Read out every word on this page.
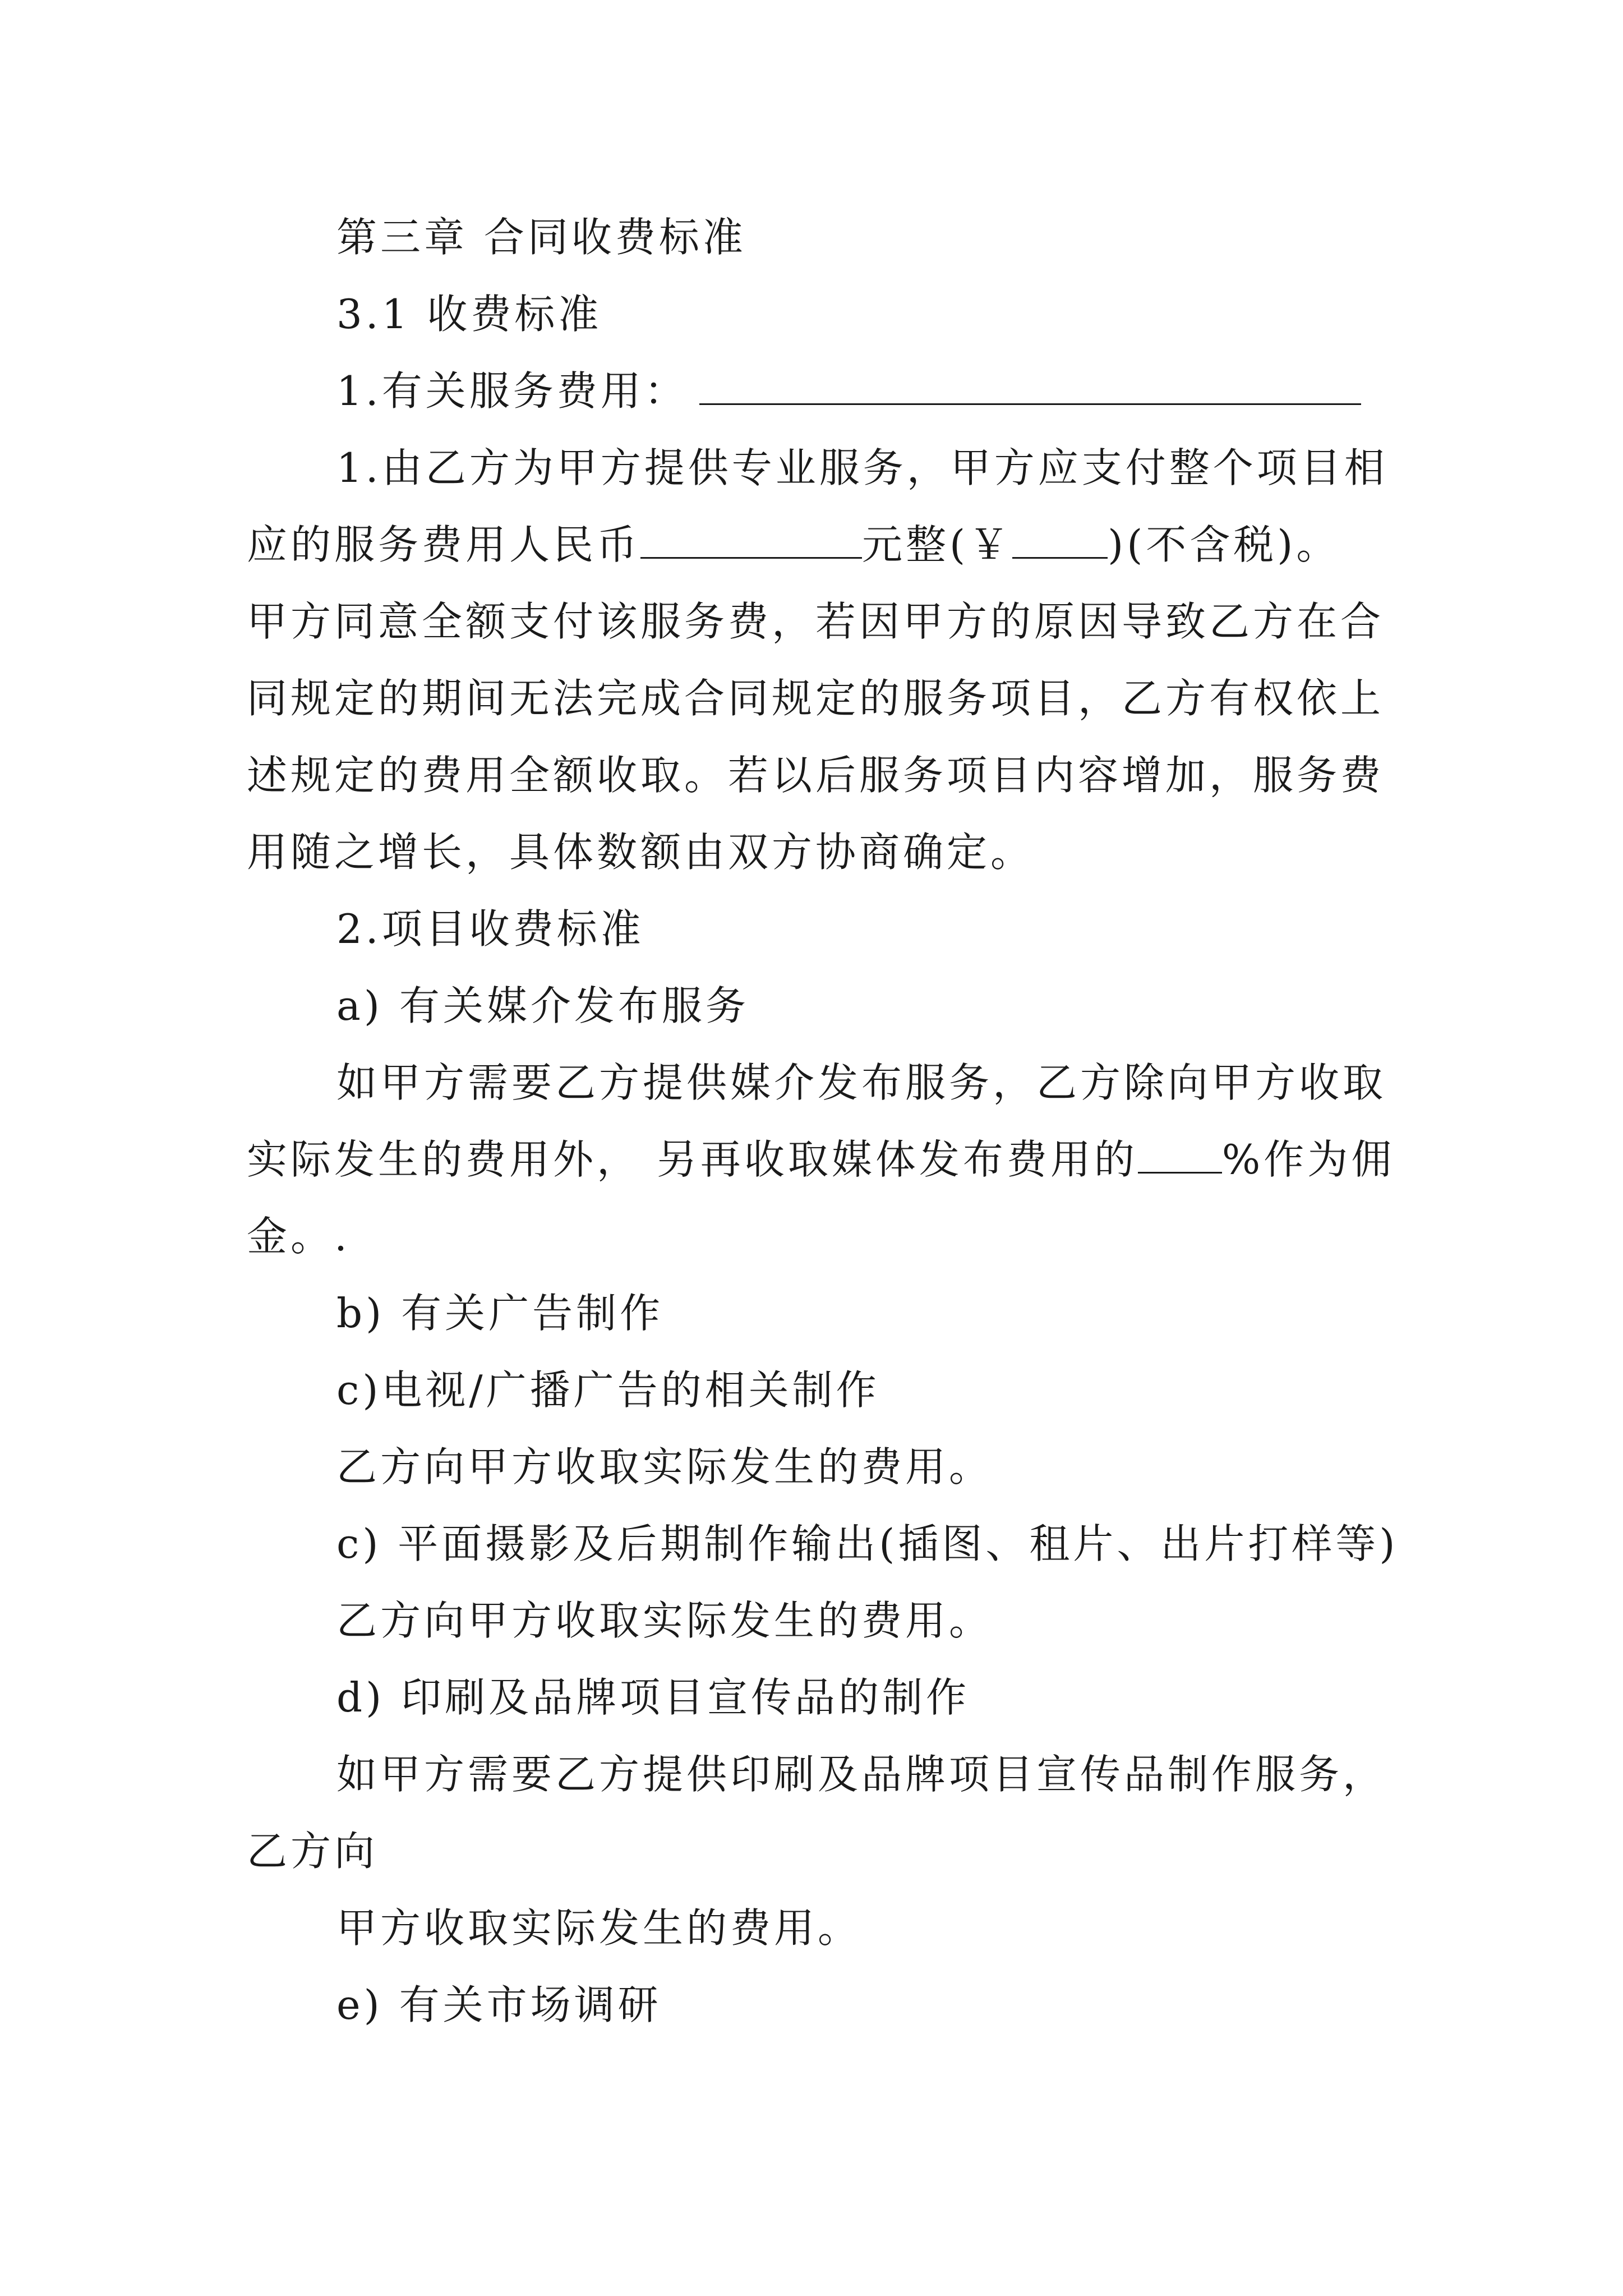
第三章 合同收费标准
3.1 收费标准
1.有关服务费用：
1.由乙方为甲方提供专业服务，甲方应支付整个项目相
应的服务费用人民币	元整(￥ )(不含税)。
甲方同意全额支付该服务费，若因甲方的原因导致乙方在合
同规定的期间无法完成合同规定的服务项目，乙方有权依上
述规定的费用全额收取。若以后服务项目内容增加，服务费
用随之增长，具体数额由双方协商确定。
2.项目收费标准
a) 有关媒介发布服务
如甲方需要乙方提供媒介发布服务，乙方除向甲方收取
实际发生的费用外， 另再收取媒体发布费用的 %作为佣
金。.
b) 有关广告制作
c)电视/广播广告的相关制作
乙方向甲方收取实际发生的费用。
c) 平面摄影及后期制作输出(插图、租片、出片打样等)
乙方向甲方收取实际发生的费用。
d) 印刷及品牌项目宣传品的制作
如甲方需要乙方提供印刷及品牌项目宣传品制作服务，
乙方向
甲方收取实际发生的费用。
e) 有关市场调研
